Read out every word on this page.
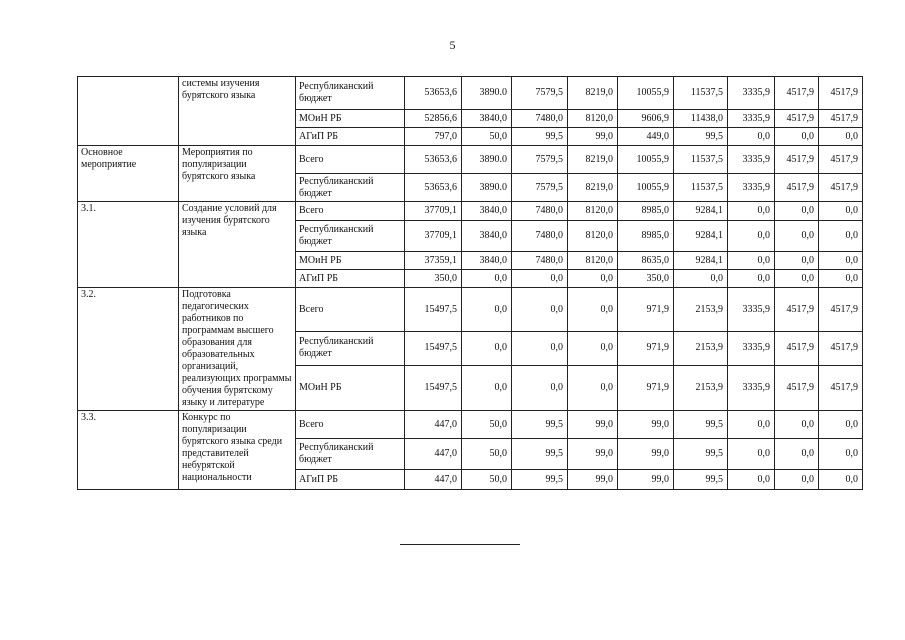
5
	системы изучения бурятского языка	Республиканский бюджет	53653,6	3890.0	7579,5	8219,0	10055,9	11537,5	3335,9	4517,9	4517,9
		МОиН РБ	52856,6	3840,0	7480,0	8120,0	9606,9	11438,0	3335,9	4517,9	4517,9
		АГиП РБ	797,0	50,0	99,5	99,0	449,0	99,5	0,0	0,0	0,0
Основное мероприятие	Мероприятия по популяризации бурятского языка	Всего	53653,6	3890.0	7579,5	8219,0	10055,9	11537,5	3335,9	4517,9	4517,9
		Республиканский бюджет	53653,6	3890.0	7579,5	8219,0	10055,9	11537,5	3335,9	4517,9	4517,9
3.1.	Создание условий для изучения бурятского языка	Всего	37709,1	3840,0	7480,0	8120,0	8985,0	9284,1	0,0	0,0	0,0
		Республиканский бюджет	37709,1	3840,0	7480,0	8120,0	8985,0	9284,1	0,0	0,0	0,0
		МОиН РБ	37359,1	3840,0	7480,0	8120,0	8635,0	9284,1	0,0	0,0	0,0
		АГиП РБ	350,0	0,0	0,0	0,0	350,0	0,0	0,0	0,0	0,0
3.2.	Подготовка педагогических работников по программам высшего образования для образовательных организаций, реализующих программы обучения бурятскому языку и литературе	Всего	15497,5	0,0	0,0	0,0	971,9	2153,9	3335,9	4517,9	4517,9
		Республиканский бюджет	15497,5	0,0	0,0	0,0	971,9	2153,9	3335,9	4517,9	4517,9
		МОиН РБ	15497,5	0,0	0,0	0,0	971,9	2153,9	3335,9	4517,9	4517,9
3.3.	Конкурс по популяризации бурятского языка среди представителей небурятской национальности	Всего	447,0	50,0	99,5	99,0	99,0	99,5	0,0	0,0	0,0
		Республиканский бюджет	447,0	50,0	99,5	99,0	99,0	99,5	0,0	0,0	0,0
		АГиП РБ	447,0	50,0	99,5	99,0	99,0	99,5	0,0	0,0	0,0
